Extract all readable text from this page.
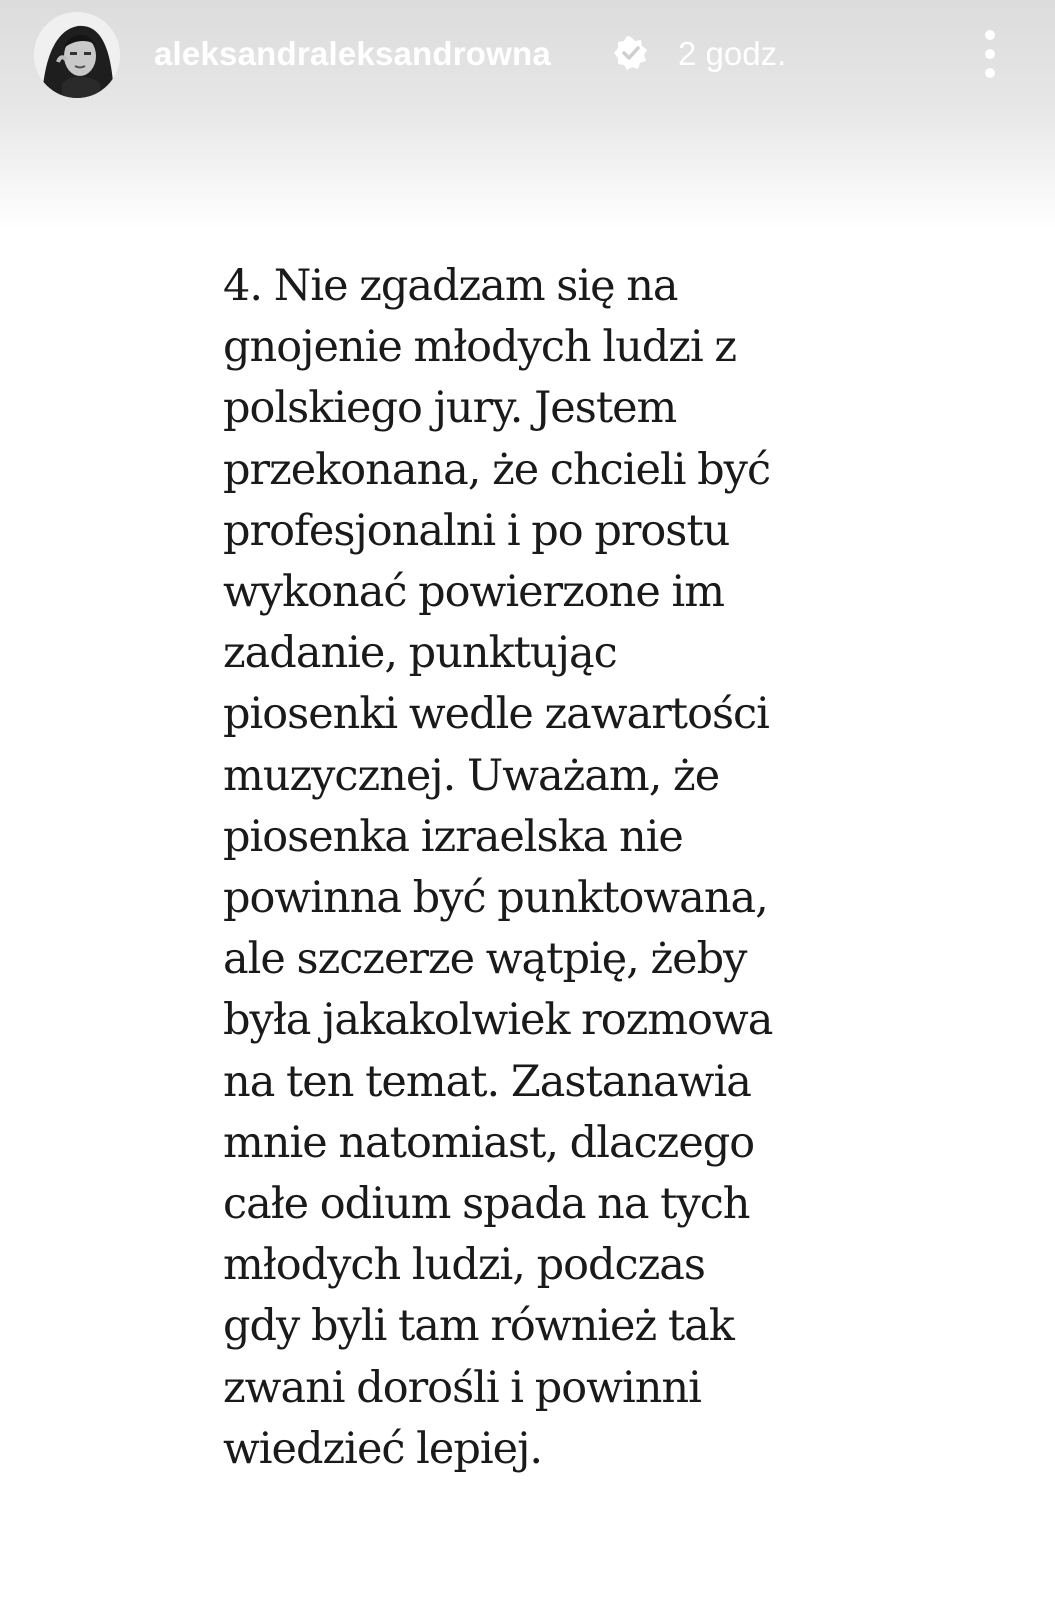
aleksandraleksandrowna	2 godz.

4. Nie zgadzam się na
gnojenie młodych ludzi z
polskiego jury. Jestem
przekonana, że chcieli być
profesjonalni i po prostu
wykonać powierzone im
zadanie, punktując
piosenki wedle zawartości
muzycznej. Uważam, że
piosenka izraelska nie
powinna być punktowana,
ale szczerze wątpię, żeby
była jakakolwiek rozmowa
na ten temat. Zastanawia
mnie natomiast, dlaczego
całe odium spada na tych
młodych ludzi, podczas
gdy byli tam również tak
zwani dorośli i powinni
wiedzieć lepiej.
